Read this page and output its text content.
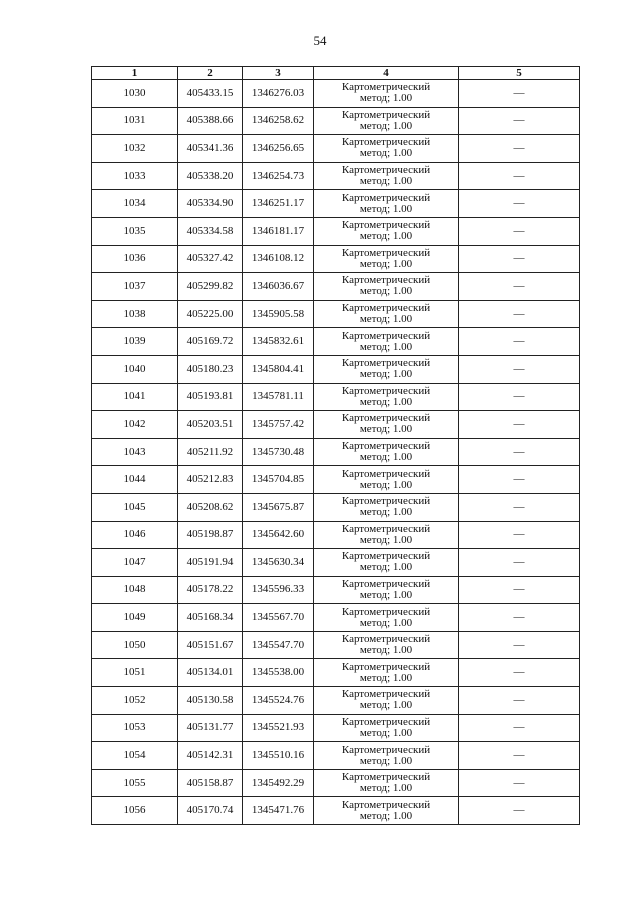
54
1	2	3	4	5
1030	405433.15	1346276.03	Картометрический
метод; 1.00	—
1031	405388.66	1346258.62	Картометрический
метод; 1.00	—
1032	405341.36	1346256.65	Картометрический
метод; 1.00	—
1033	405338.20	1346254.73	Картометрический
метод; 1.00	—
1034	405334.90	1346251.17	Картометрический
метод; 1.00	—
1035	405334.58	1346181.17	Картометрический
метод; 1.00	—
1036	405327.42	1346108.12	Картометрический
метод; 1.00	—
1037	405299.82	1346036.67	Картометрический
метод; 1.00	—
1038	405225.00	1345905.58	Картометрический
метод; 1.00	—
1039	405169.72	1345832.61	Картометрический
метод; 1.00	—
1040	405180.23	1345804.41	Картометрический
метод; 1.00	—
1041	405193.81	1345781.11	Картометрический
метод; 1.00	—
1042	405203.51	1345757.42	Картометрический
метод; 1.00	—
1043	405211.92	1345730.48	Картометрический
метод; 1.00	—
1044	405212.83	1345704.85	Картометрический
метод; 1.00	—
1045	405208.62	1345675.87	Картометрический
метод; 1.00	—
1046	405198.87	1345642.60	Картометрический
метод; 1.00	—
1047	405191.94	1345630.34	Картометрический
метод; 1.00	—
1048	405178.22	1345596.33	Картометрический
метод; 1.00	—
1049	405168.34	1345567.70	Картометрический
метод; 1.00	—
1050	405151.67	1345547.70	Картометрический
метод; 1.00	—
1051	405134.01	1345538.00	Картометрический
метод; 1.00	—
1052	405130.58	1345524.76	Картометрический
метод; 1.00	—
1053	405131.77	1345521.93	Картометрический
метод; 1.00	—
1054	405142.31	1345510.16	Картометрический
метод; 1.00	—
1055	405158.87	1345492.29	Картометрический
метод; 1.00	—
1056	405170.74	1345471.76	Картометрический
метод; 1.00	—
